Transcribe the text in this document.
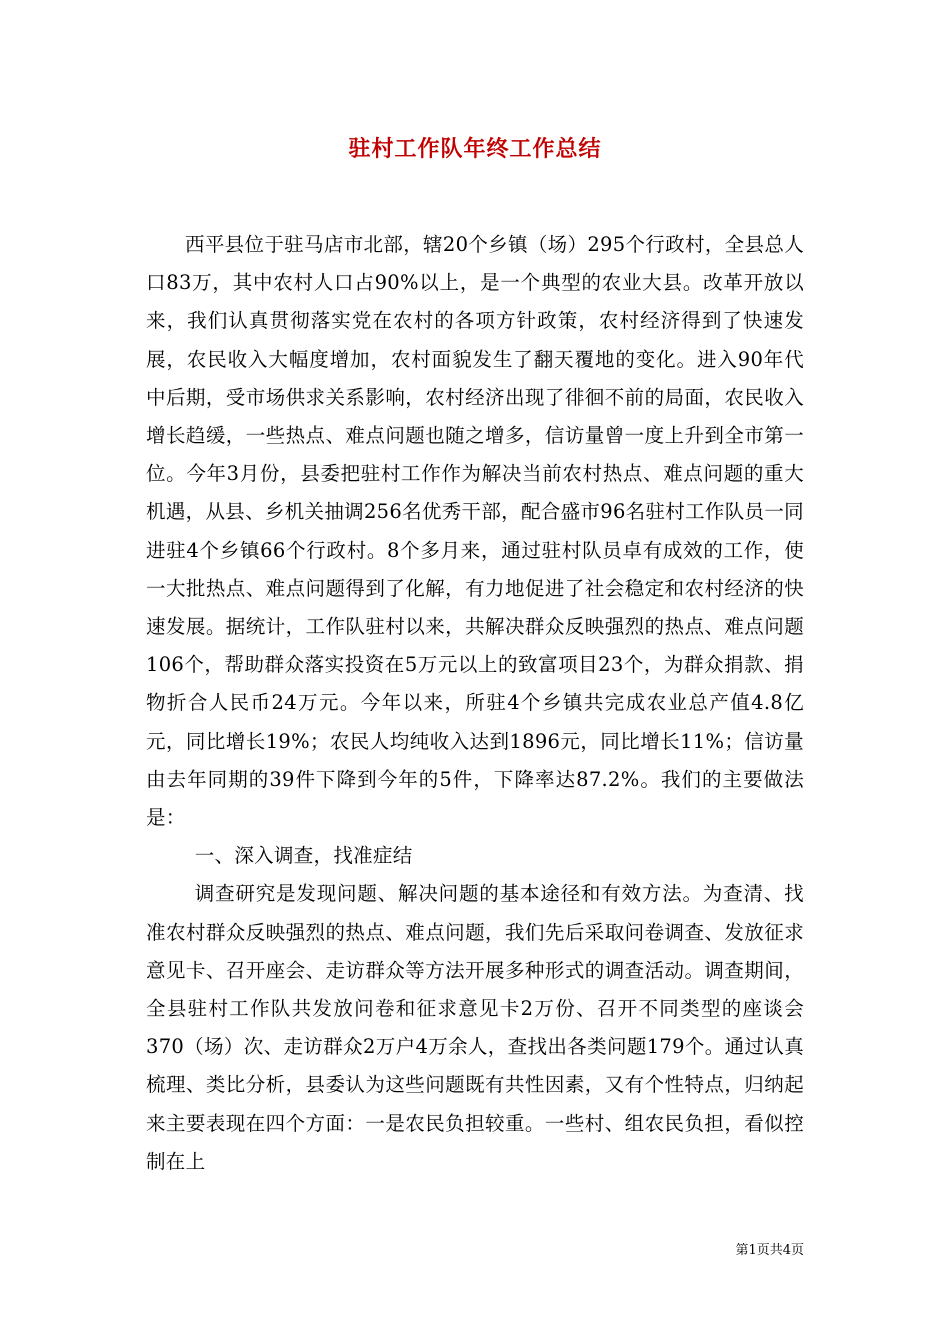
驻村工作队年终工作总结

西平县位于驻马店市北部，辖20个乡镇（场）295个行政村，全县总人口83万，其中农村人口占90%以上，是一个典型的农业大县。改革开放以来，我们认真贯彻落实党在农村的各项方针政策，农村经济得到了快速发展，农民收入大幅度增加，农村面貌发生了翻天覆地的变化。进入90年代中后期，受市场供求关系影响，农村经济出现了徘徊不前的局面，农民收入增长趋缓，一些热点、难点问题也随之增多，信访量曾一度上升到全市第一位。今年3月份，县委把驻村工作作为解决当前农村热点、难点问题的重大机遇，从县、乡机关抽调256名优秀干部，配合盛市96名驻村工作队员一同进驻4个乡镇66个行政村。8个多月来，通过驻村队员卓有成效的工作，使一大批热点、难点问题得到了化解，有力地促进了社会稳定和农村经济的快速发展。据统计，工作队驻村以来，共解决群众反映强烈的热点、难点问题106个，帮助群众落实投资在5万元以上的致富项目23个，为群众捐款、捐物折合人民币24万元。今年以来，所驻4个乡镇共完成农业总产值4.8亿元，同比增长19%；农民人均纯收入达到1896元，同比增长11%；信访量由去年同期的39件下降到今年的5件，下降率达87.2%。我们的主要做法是：

一、深入调查，找准症结

调查研究是发现问题、解决问题的基本途径和有效方法。为查清、找准农村群众反映强烈的热点、难点问题，我们先后采取问卷调查、发放征求意见卡、召开座会、走访群众等方法开展多种形式的调查活动。调查期间，全县驻村工作队共发放问卷和征求意见卡2万份、召开不同类型的座谈会370（场）次、走访群众2万户4万余人，查找出各类问题179个。通过认真梳理、类比分析，县委认为这些问题既有共性因素，又有个性特点，归纳起来主要表现在四个方面：一是农民负担较重。一些村、组农民负担，看似控制在上

第1页共4页
